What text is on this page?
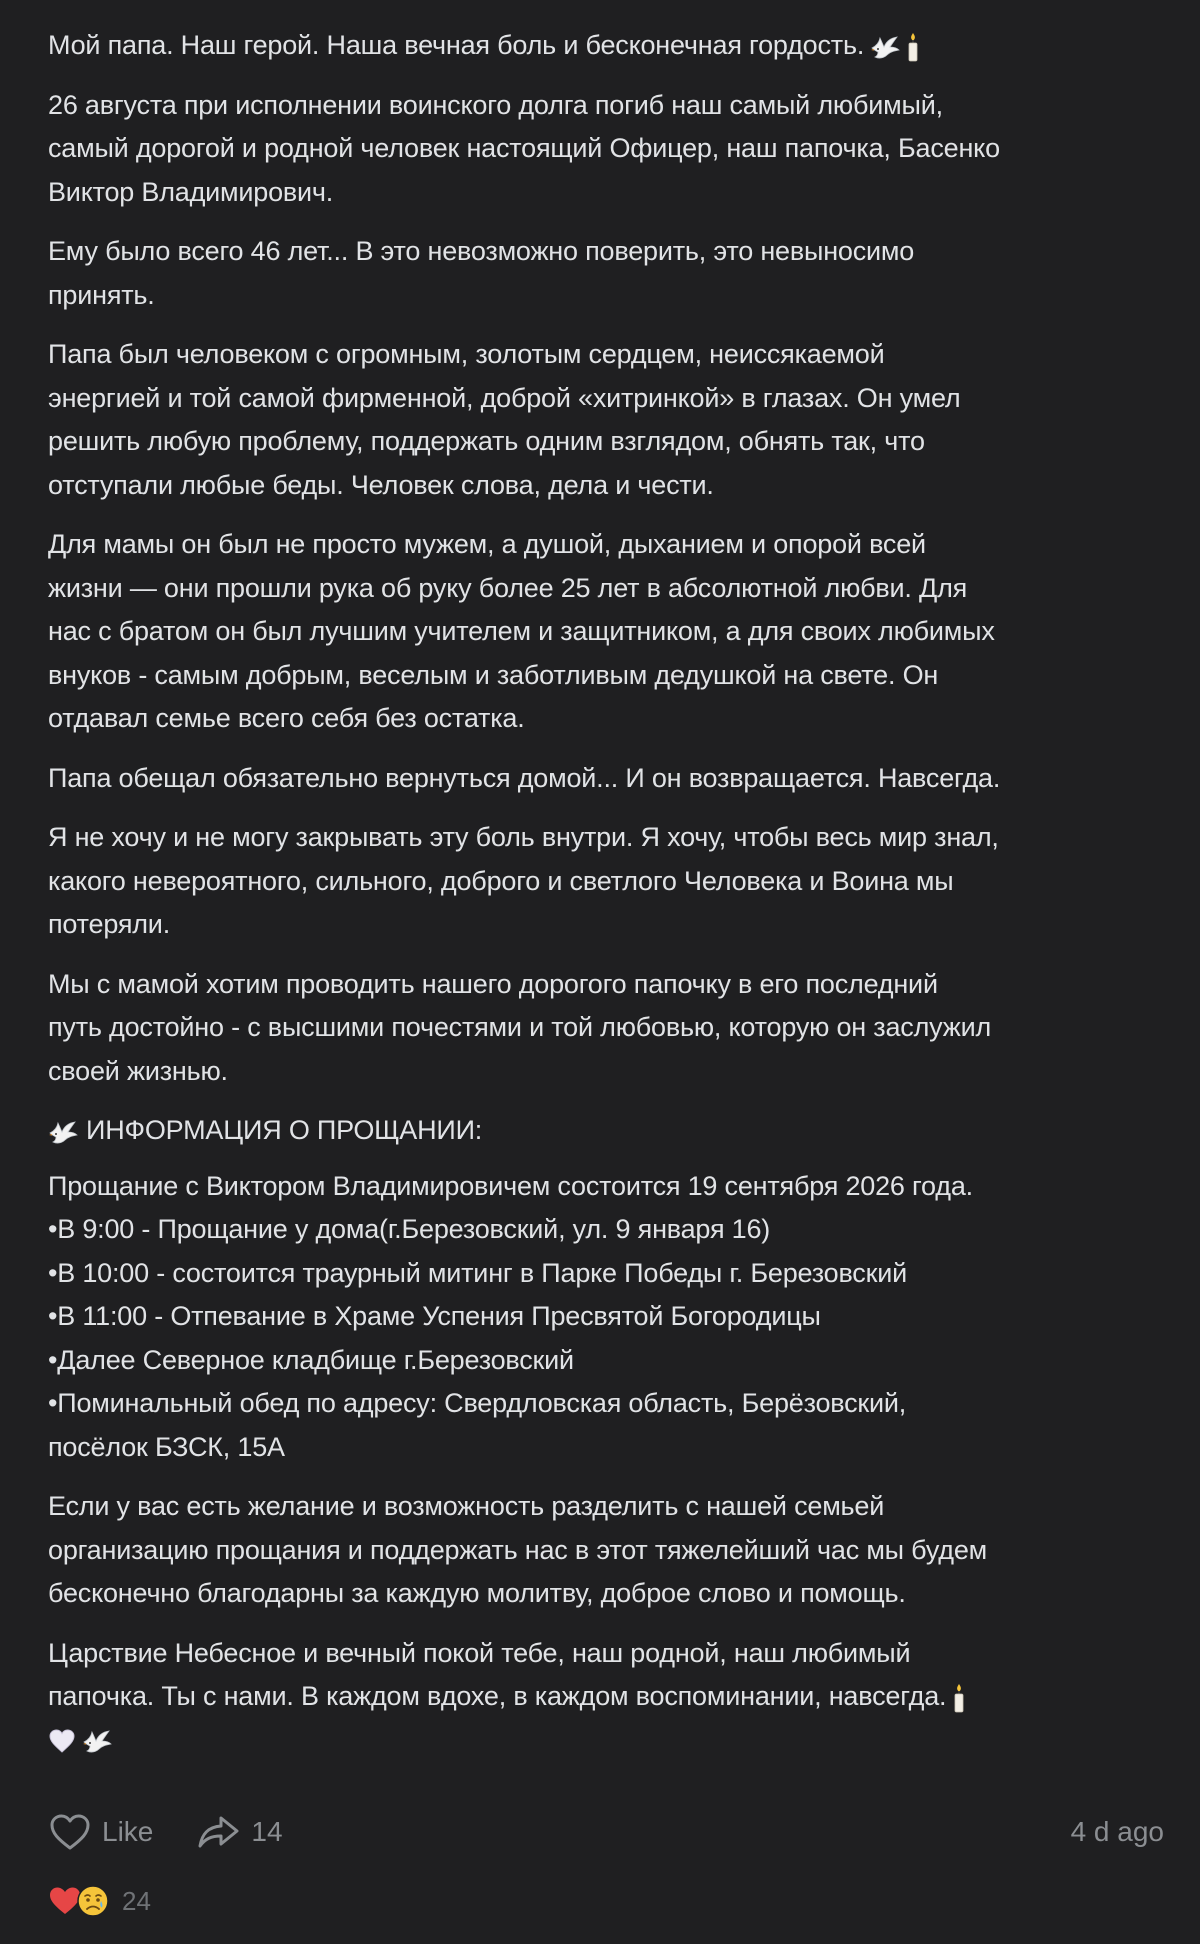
Мой папа. Наш герой. Наша вечная боль и бесконечная гордость.

26 августа при исполнении воинского долга погиб наш самый любимый,
самый дорогой и родной человек настоящий Офицер, наш папочка, Басенко
Виктор Владимирович.

Ему было всего 46 лет... В это невозможно поверить, это невыносимо
принять.

Папа был человеком с огромным, золотым сердцем, неиссякаемой
энергией и той самой фирменной, доброй «хитринкой» в глазах. Он умел
решить любую проблему, поддержать одним взглядом, обнять так, что
отступали любые беды. Человек слова, дела и чести.

Для мамы он был не просто мужем, а душой, дыханием и опорой всей
жизни — они прошли рука об руку более 25 лет в абсолютной любви. Для
нас с братом он был лучшим учителем и защитником, а для своих любимых
внуков - самым добрым, веселым и заботливым дедушкой на свете. Он
отдавал семье всего себя без остатка.

Папа обещал обязательно вернуться домой... И он возвращается. Навсегда.

Я не хочу и не могу закрывать эту боль внутри. Я хочу, чтобы весь мир знал,
какого невероятного, сильного, доброго и светлого Человека и Воина мы
потеряли.

Мы с мамой хотим проводить нашего дорогого папочку в его последний
путь достойно - с высшими почестями и той любовью, которую он заслужил
своей жизнью.

ИНФОРМАЦИЯ О ПРОЩАНИИ:

Прощание с Виктором Владимировичем состоится 19 сентября 2026 года.
•В 9:00 - Прощание у дома(г.Березовский, ул. 9 января 16)
•В 10:00 - состоится траурный митинг в Парке Победы г. Березовский
•В 11:00 - Отпевание в Храме Успения Пресвятой Богородицы
•Далее Северное кладбище г.Березовский
•Поминальный обед по адресу: Свердловская область, Берёзовский,
посёлок БЗСК, 15А

Если у вас есть желание и возможность разделить с нашей семьей
организацию прощания и поддержать нас в этот тяжелейший час мы будем
бесконечно благодарны за каждую молитву, доброе слово и помощь.

Царствие Небесное и вечный покой тебе, наш родной, наш любимый
папочка. Ты с нами. В каждом вдохе, в каждом воспоминании, навсегда.

Like	14	4 d ago
24
